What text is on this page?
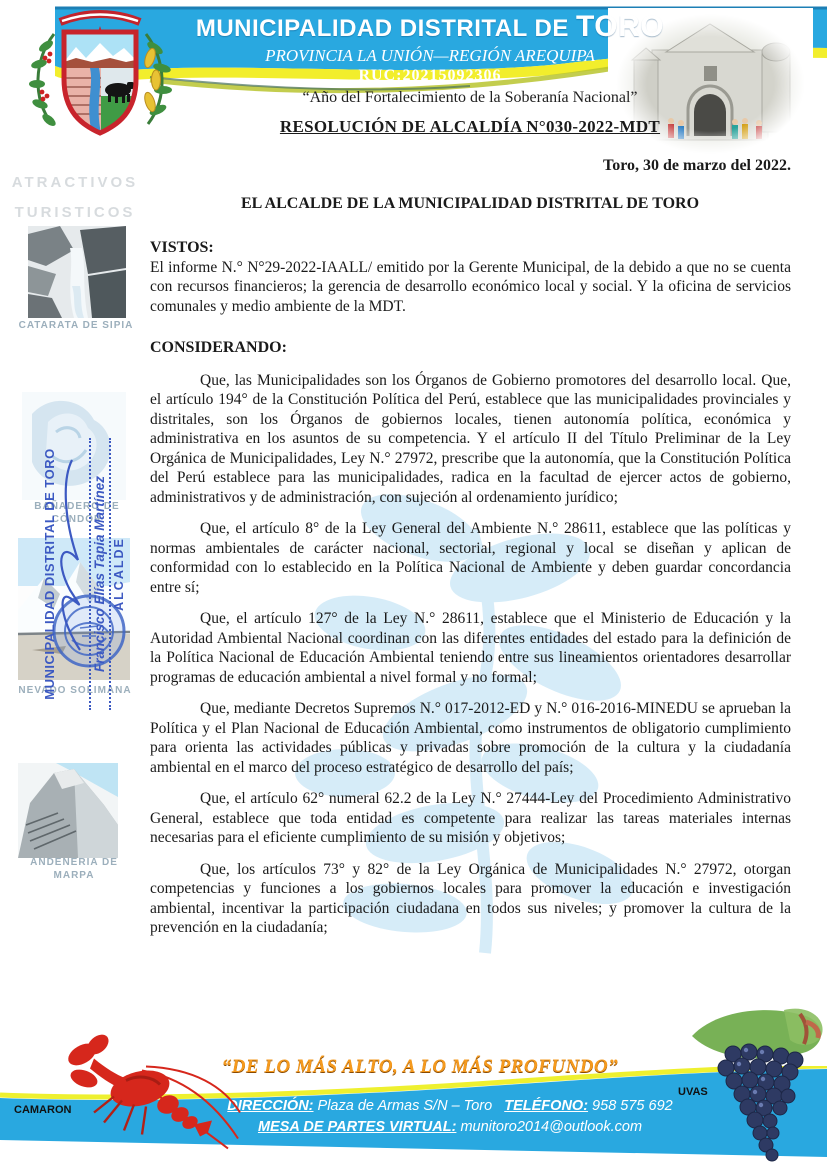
MUNICIPALIDAD DISTRITAL DE TORO
PROVINCIA LA UNIÓN—REGIÓN AREQUIPA
RUC:20215092306
“Año del Fortalecimiento de la Soberanía Nacional”
RESOLUCIÓN DE ALCALDÍA N°030-2022-MDT
Toro, 30 de marzo del 2022.
EL ALCALDE DE LA MUNICIPALIDAD DISTRITAL DE TORO
ATRACTIVOS
TURISTICOS
CATARATA DE SIPIA
BAÑADERO DE CÓNDOR
NEVADO SOLIMANA
ANDENERIA DE MARPA
MUNICIPALIDAD DISTRITAL DE TORO	Francisco Elías Tapia Martínez ALCALDE
VISTOS:

El informe N.° N°29-2022-IAALL/ emitido por la Gerente Municipal, de la debido a que no se cuenta con recursos financieros; la gerencia de desarrollo económico local y social. Y la oficina de servicios comunales y medio ambiente de la MDT.

CONSIDERANDO:

Que, las Municipalidades son los Órganos de Gobierno promotores del desarrollo local. Que, el artículo 194° de la Constitución Política del Perú, establece que las municipalidades provinciales y distritales, son los Órganos de gobiernos locales, tienen autonomía política, económica y administrativa en los asuntos de su competencia. Y el artículo II del Título Preliminar de la Ley Orgánica de Municipalidades, Ley N.° 27972, prescribe que la autonomía, que la Constitución Política del Perú establece para las municipalidades, radica en la facultad de ejercer actos de gobierno, administrativos y de administración, con sujeción al ordenamiento jurídico;

Que, el artículo 8° de la Ley General del Ambiente N.° 28611, establece que las políticas y normas ambientales de carácter nacional, sectorial, regional y local se diseñan y aplican de conformidad con lo establecido en la Política Nacional de Ambiente y deben guardar concordancia entre sí;

Que, el artículo 127° de la Ley N.° 28611, establece que el Ministerio de Educación y la Autoridad Ambiental Nacional coordinan con las diferentes entidades del estado para la definición de la Política Nacional de Educación Ambiental teniendo entre sus lineamientos orientadores desarrollar programas de educación ambiental a nivel formal y no formal;

Que, mediante Decretos Supremos N.° 017-2012-ED y N.° 016-2016-MINEDU se aprueban la Política y el Plan Nacional de Educación Ambiental, como instrumentos de obligatorio cumplimiento para orienta las actividades públicas y privadas sobre promoción de la cultura y la ciudadanía ambiental en el marco del proceso estratégico de desarrollo del país;

Que, el artículo 62° numeral 62.2 de la Ley N.° 27444-Ley del Procedimiento Administrativo General, establece que toda entidad es competente para realizar las tareas materiales internas necesarias para el eficiente cumplimiento de su misión y objetivos;

Que, los artículos 73° y 82° de la Ley Orgánica de Municipalidades N.° 27972, otorgan competencias y funciones a los gobiernos locales para promover la educación e investigación ambiental, incentivar la participación ciudadana en todos sus niveles; y promover la cultura de la prevención en la ciudadanía;

“DE LO MÁS ALTO, A LO MÁS PROFUNDO”
DIRECCIÓN: Plaza de Armas S/N – Toro TELÉFONO: 958 575 692
MESA DE PARTES VIRTUAL: munitoro2014@outlook.com
CAMARON
UVAS
